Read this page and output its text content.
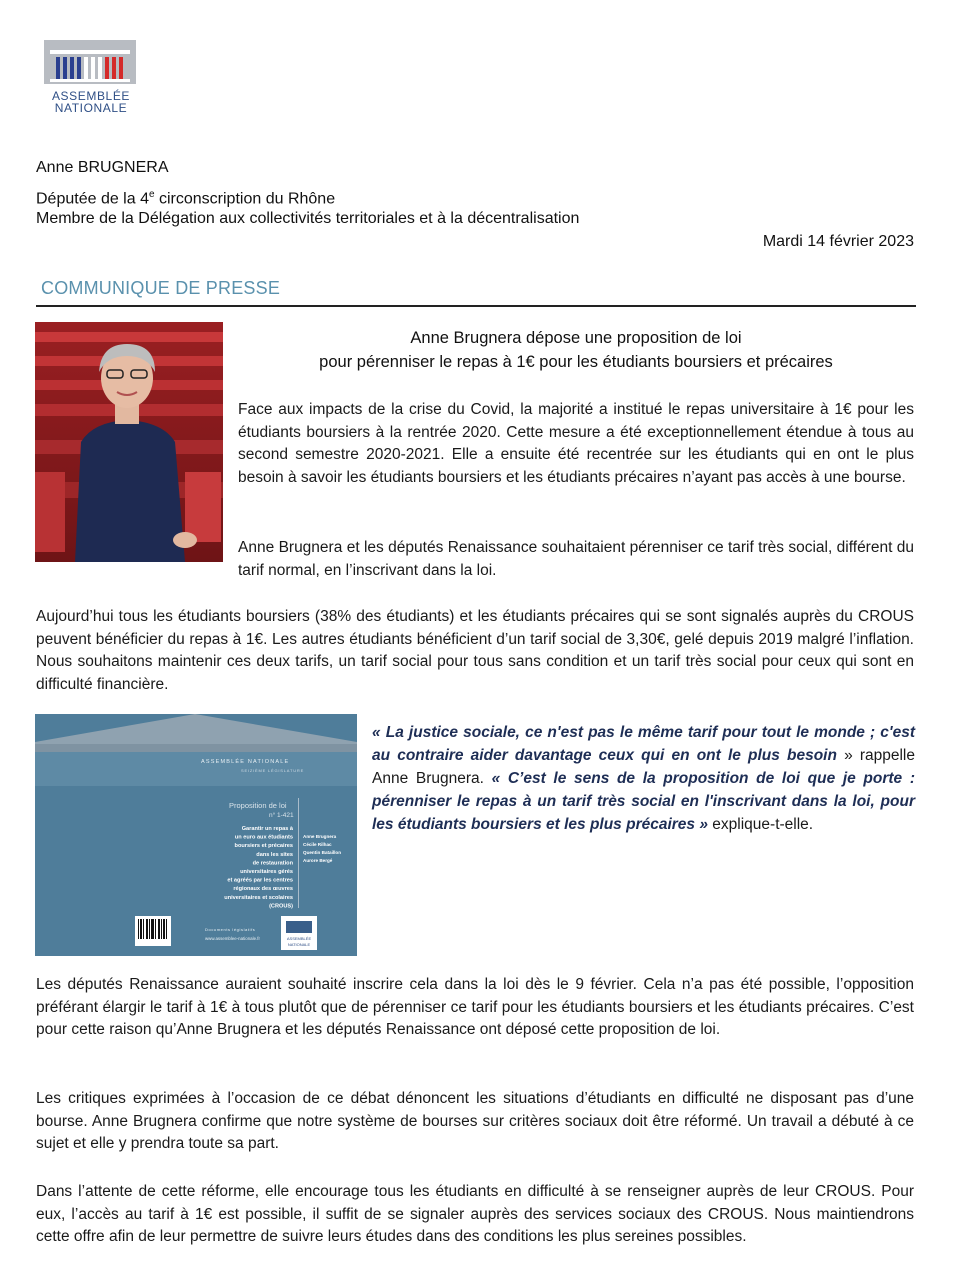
ASSEMBLÉE
NATIONALE
Anne BRUGNERA
Députée de la 4e circonscription du Rhône
Membre de la Délégation aux collectivités territoriales et à la décentralisation
Mardi 14 février 2023
COMMUNIQUE DE PRESSE
Anne Brugnera dépose une proposition de loi
pour pérenniser le repas à 1€ pour les étudiants boursiers et précaires
Face aux impacts de la crise du Covid, la majorité a institué le repas universitaire à 1€ pour les étudiants boursiers à la rentrée 2020. Cette mesure a été exceptionnellement étendue à tous au second semestre 2020-2021. Elle a ensuite été recentrée sur les étudiants qui en ont le plus besoin à savoir les étudiants boursiers et les étudiants précaires n’ayant pas accès à une bourse.
Anne Brugnera et les députés Renaissance souhaitaient pérenniser ce tarif très social, différent du tarif normal, en l’inscrivant dans la loi.
Aujourd’hui tous les étudiants boursiers (38% des étudiants) et les étudiants précaires qui se sont signalés auprès du CROUS peuvent bénéficier du repas à 1€. Les autres étudiants bénéficient d’un tarif social de 3,30€, gelé depuis 2019 malgré l’inflation. Nous souhaitons maintenir ces deux tarifs, un tarif social pour tous sans condition et un tarif très social pour ceux qui sont en difficulté financière.
ASSEMBLÉE NATIONALE
SEIZIÈME LÉGISLATURE
Proposition de loi
n° 1-421
Garantir un repas à
un euro aux étudiants
boursiers et précaires
dans les sites
de restauration
universitaires gérés
et agréés par les centres
régionaux des œuvres
universitaires et scolaires
(CROUS)
Anne Brugnera
Cécile Rilhac
Quentin Bataillon
Aurore Bergé
Documents législatifs
www.assemblee-nationale.fr	ASSEMBLÉE
NATIONALE
« La justice sociale, ce n'est pas le même tarif pour tout le monde ; c'est au contraire aider davantage ceux qui en ont le plus besoin » rappelle Anne Brugnera. « C’est le sens de la proposition de loi que je porte : pérenniser le repas à un tarif très social en l'inscrivant dans la loi, pour les étudiants boursiers et les plus précaires » explique-t-elle.
Les députés Renaissance auraient souhaité inscrire cela dans la loi dès le 9 février. Cela n’a pas été possible, l’opposition préférant élargir le tarif à 1€ à tous plutôt que de pérenniser ce tarif pour les étudiants boursiers et les étudiants précaires. C’est pour cette raison qu’Anne Brugnera et les députés Renaissance ont déposé cette proposition de loi.
Les critiques exprimées à l’occasion de ce débat dénoncent les situations d’étudiants en difficulté ne disposant pas d’une bourse. Anne Brugnera confirme que notre système de bourses sur critères sociaux doit être réformé. Un travail a débuté à ce sujet et elle y prendra toute sa part.
Dans l’attente de cette réforme, elle encourage tous les étudiants en difficulté à se renseigner auprès de leur CROUS. Pour eux, l’accès au tarif à 1€ est possible, il suffit de se signaler auprès des services sociaux des CROUS. Nous maintiendrons cette offre afin de leur permettre de suivre leurs études dans des conditions les plus sereines possibles.
